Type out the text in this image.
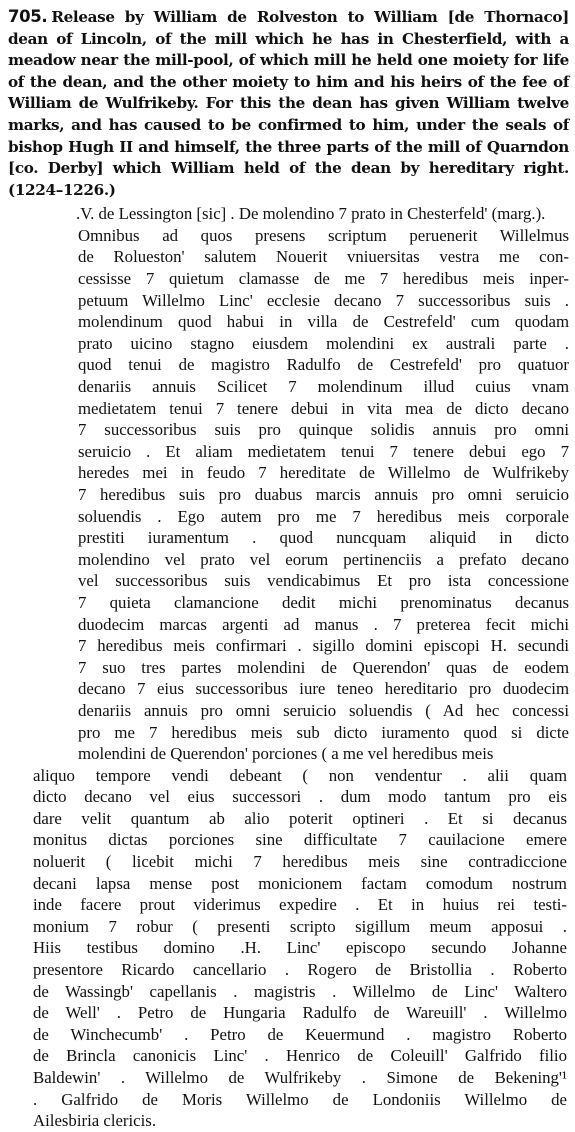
705. Release by William de Rolveston to William [de Thornaco] dean of Lincoln, of the mill which he has in Chesterfield, with a meadow near the mill-pool, of which mill he held one moiety for life of the dean, and the other moiety to him and his heirs of the fee of William de Wulfrikeby. For this the dean has given William twelve marks, and has caused to be confirmed to him, under the seals of bishop Hugh II and himself, the three parts of the mill of Quarndon [co. Derby] which William held of the dean by hereditary right. (1224–1226.)

.V. de Lessington [sic] . De molendino 7 prato in Chesterfeld' (marg.).

Omnibus ad quos presens scriptum peruenerit Willelmus
de Rolueston' salutem Nouerit vniuersitas vestra me con-
cessisse 7 quietum clamasse de me 7 heredibus meis inper-
petuum Willelmo Linc' ecclesie decano 7 successoribus suis .
molendinum quod habui in villa de Cestrefeld' cum quodam
prato uicino stagno eiusdem molendini ex australi parte .
quod tenui de magistro Radulfo de Cestrefeld' pro quatuor
denariis annuis Scilicet 7 molendinum illud cuius vnam
medietatem tenui 7 tenere debui in vita mea de dicto decano
7 successoribus suis pro quinque solidis annuis pro omni
seruicio . Et aliam medietatem tenui 7 tenere debui ego 7
heredes mei in feudo 7 hereditate de Willelmo de Wulfrikeby
7 heredibus suis pro duabus marcis annuis pro omni seruicio
soluendis . Ego autem pro me 7 heredibus meis corporale
prestiti iuramentum . quod nuncquam aliquid in dicto
molendino vel prato vel eorum pertinenciis a prefato decano
vel successoribus suis vendicabimus Et pro ista concessione
7 quieta clamancione dedit michi prenominatus decanus
duodecim marcas argenti ad manus . 7 preterea fecit michi
7 heredibus meis confirmari . sigillo domini episcopi H. secundi
7 suo tres partes molendini de Querendon' quas de eodem
decano 7 eius successoribus iure teneo hereditario pro duodecim
denariis annuis pro omni seruicio soluendis ( Ad hec concessi
pro me 7 heredibus meis sub dicto iuramento quod si dicte
molendini de Querendon' porciones ( a me vel heredibus meis

aliquo tempore vendi debeant ( non vendentur . alii quam
dicto decano vel eius successori . dum modo tantum pro eis
dare velit quantum ab alio poterit optineri . Et si decanus
monitus dictas porciones sine difficultate 7 cauilacione emere
noluerit ( licebit michi 7 heredibus meis sine contradiccione
decani lapsa mense post monicionem factam comodum nostrum
inde facere prout viderimus expedire . Et in huius rei testi-
monium 7 robur ( presenti scripto sigillum meum apposui .
Hiis testibus domino .H. Linc' episcopo secundo Johanne
presentore Ricardo cancellario . Rogero de Bristollia . Roberto
de Wassingb' capellanis . magistris . Willelmo de Linc' Waltero
de Well' . Petro de Hungaria Radulfo de Wareuill' . Willelmo
de Winchecumb' . Petro de Keuermund . magistro Roberto
de Brincla canonicis Linc' . Henrico de Coleuill' Galfrido filio
Baldewin' . Willelmo de Wulfrikeby . Simone de Bekening'¹
. Galfrido de Moris Willelmo de Londoniis Willelmo de
Ailesbiria clericis.
